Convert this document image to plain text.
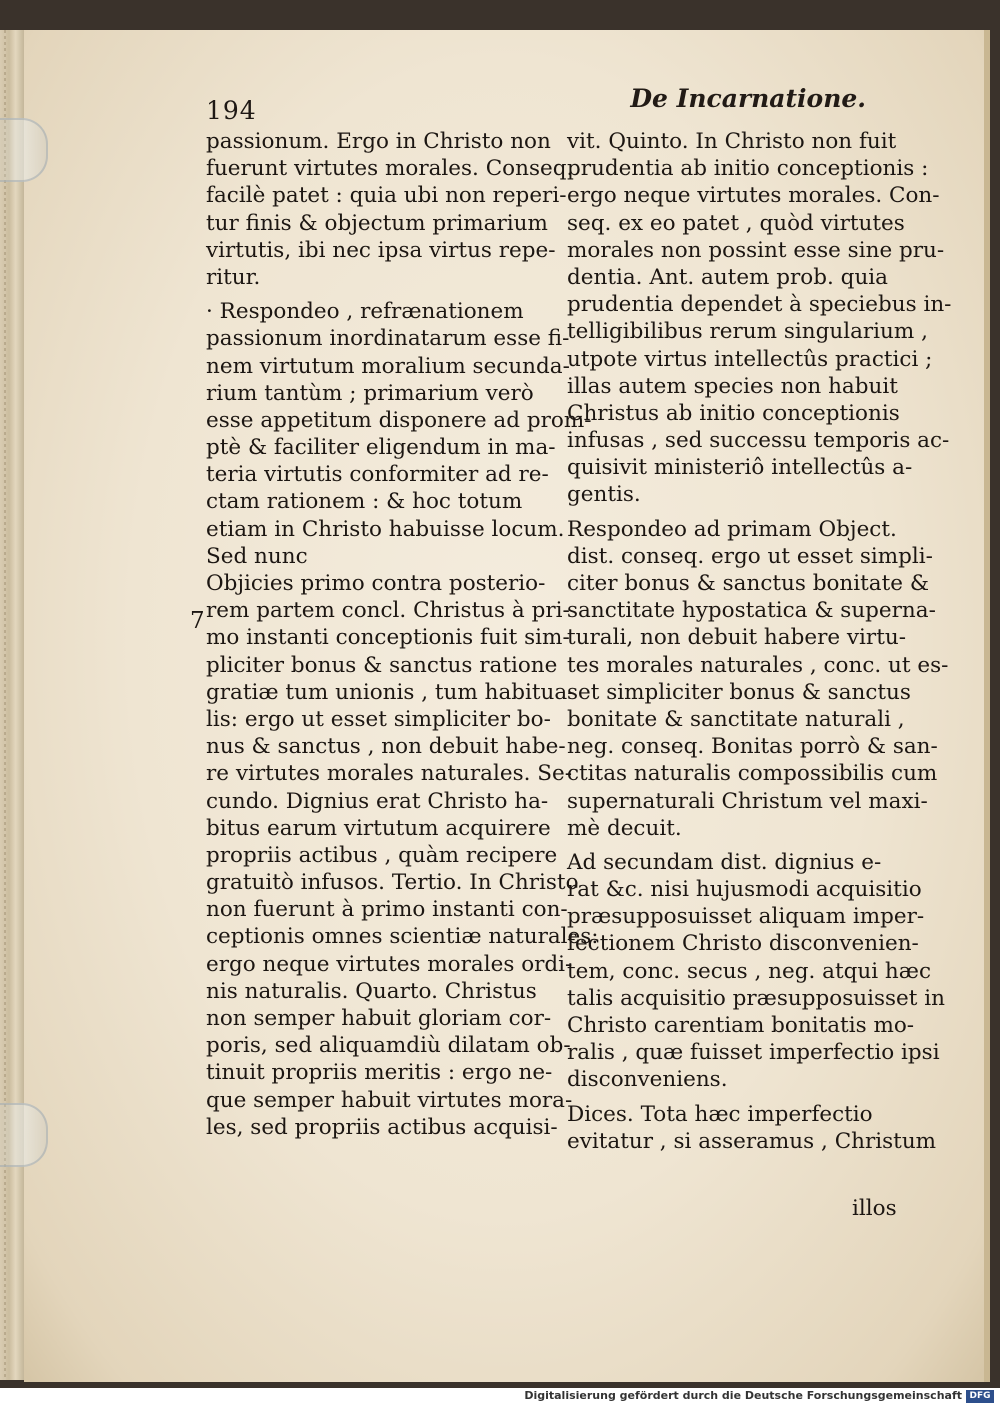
194	De Incarnatione.
passionum. Ergo in Christo non
fuerunt virtutes morales. Conseq.
facilè patet : quia ubi non reperi-
tur finis & objectum primarium
virtutis, ibi nec ipsa virtus repe-
ritur.
· Respondeo , refrænationem
passionum inordinatarum esse fi-
nem virtutum moralium secunda-
rium tantùm ; primarium verò
esse appetitum disponere ad prom-
ptè & faciliter eligendum in ma-
teria virtutis conformiter ad re-
ctam rationem : & hoc totum
etiam in Christo habuisse locum.
Sed nunc
Objicies primo contra posterio-
rem partem concl. Christus à pri-
mo instanti conceptionis fuit sim-
pliciter bonus & sanctus ratione
gratiæ tum unionis , tum habitua-
lis: ergo ut esset simpliciter bo-
nus & sanctus , non debuit habe-
re virtutes morales naturales. Se-
cundo. Dignius erat Christo ha-
bitus earum virtutum acquirere
propriis actibus , quàm recipere
gratuitò infusos. Tertio. In Christo
non fuerunt à primo instanti con-
ceptionis omnes scientiæ naturales:
ergo neque virtutes morales ordi-
nis naturalis. Quarto. Christus
non semper habuit gloriam cor-
poris, sed aliquamdiù dilatam ob-
tinuit propriis meritis : ergo ne-
que semper habuit virtutes mora-
les, sed propriis actibus acquisi-
7
vit. Quinto. In Christo non fuit
prudentia ab initio conceptionis :
ergo neque virtutes morales. Con-
seq. ex eo patet , quòd virtutes
morales non possint esse sine pru-
dentia. Ant. autem prob. quia
prudentia dependet à speciebus in-
telligibilibus rerum singularium ,
utpote virtus intellectûs practici ;
illas autem species non habuit
Christus ab initio conceptionis
infusas , sed successu temporis ac-
quisivit ministeriô intellectûs a-
gentis.
Respondeo ad primam Object.
dist. conseq. ergo ut esset simpli-
citer bonus & sanctus bonitate &
sanctitate hypostatica & superna-
turali, non debuit habere virtu-
tes morales naturales , conc. ut es-
set simpliciter bonus & sanctus
bonitate & sanctitate naturali ,
neg. conseq. Bonitas porrò & san-
ctitas naturalis compossibilis cum
supernaturali Christum vel maxi-
mè decuit.
Ad secundam dist. dignius e-
rat &c. nisi hujusmodi acquisitio
præsupposuisset aliquam imper-
fectionem Christo disconvenien-
tem, conc. secus , neg. atqui hæc
talis acquisitio præsupposuisset in
Christo carentiam bonitatis mo-
ralis , quæ fuisset imperfectio ipsi
disconveniens.
Dices. Tota hæc imperfectio
evitatur , si asseramus , Christum
illos
Digitalisierung gefördert durch die Deutsche Forschungsgemeinschaft DFG
